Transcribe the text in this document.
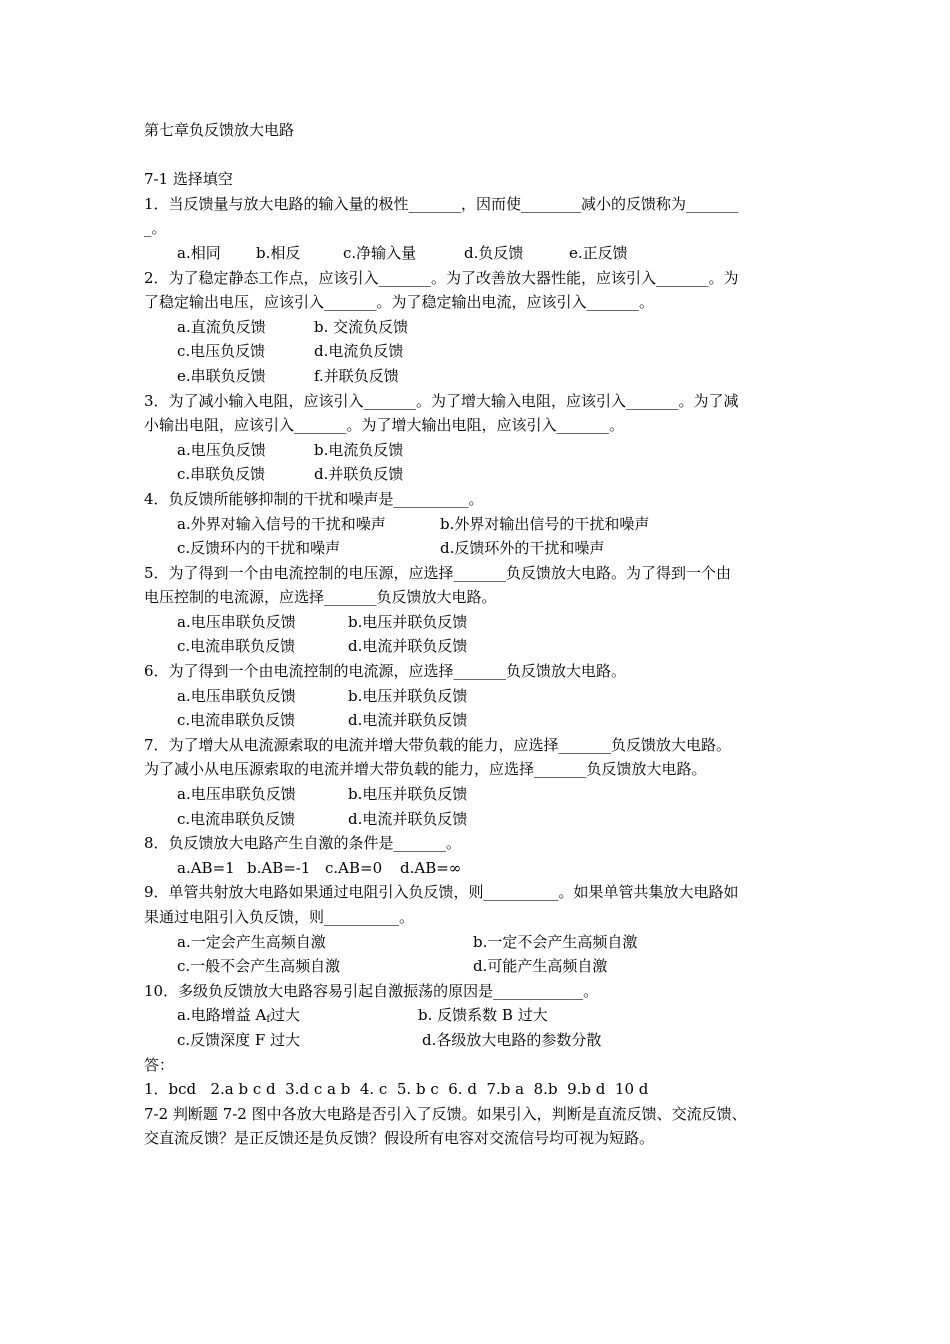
第七章负反馈放大电路
7-1 选择填空
1．当反馈量与放大电路的输入量的极性_______，因而使________减小的反馈称为_______
_。
a.相同 b.相反	c.净输入量	d.负反馈	e.正反馈
2．为了稳定静态工作点，应该引入_______。为了改善放大器性能，应该引入_______。为
了稳定输出电压，应该引入_______。为了稳定输出电流，应该引入_______。
a.直流负反馈	b. 交流负反馈
c.电压负反馈	d.电流负反馈
e.串联负反馈	f.并联负反馈
3．为了减小输入电阻，应该引入_______。为了增大输入电阻，应该引入_______。为了减
小输出电阻，应该引入_______。为了增大输出电阻，应该引入_______。
a.电压负反馈	b.电流负反馈
c.串联负反馈	d.并联负反馈
4．负反馈所能够抑制的干扰和噪声是__________。
a.外界对输入信号的干扰和噪声	b.外界对输出信号的干扰和噪声
c.反馈环内的干扰和噪声	d.反馈环外的干扰和噪声
5．为了得到一个由电流控制的电压源，应选择_______负反馈放大电路。为了得到一个由
电压控制的电流源，应选择_______负反馈放大电路。
a.电压串联负反馈	b.电压并联负反馈
c.电流串联负反馈	d.电流并联负反馈
6．为了得到一个由电流控制的电流源，应选择_______负反馈放大电路。
a.电压串联负反馈	b.电压并联负反馈
c.电流串联负反馈	d.电流并联负反馈
7．为了增大从电流源索取的电流并增大带负载的能力，应选择_______负反馈放大电路。
为了减小从电压源索取的电流并增大带负载的能力，应选择_______负反馈放大电路。
a.电压串联负反馈	b.电压并联负反馈
c.电流串联负反馈	d.电流并联负反馈
8．负反馈放大电路产生自激的条件是_______。
a.AB=1 b.AB=-1 c.AB=0 d.AB=∞
9．单管共射放大电路如果通过电阻引入负反馈，则__________。如果单管共集放大电路如
果通过电阻引入负反馈，则__________。
a.一定会产生高频自激	b.一定不会产生高频自激
c.一般不会产生高频自激	d.可能产生高频自激
10．多级负反馈放大电路容易引起自激振荡的原因是____________。
a.电路增益 $A_f$过大	b. 反馈系数 B 过大
c.反馈深度 F 过大	d.各级放大电路的参数分散
答：
1．bcd   2.a b c d  3.d c a b  4. c  5. b c  6. d  7.b a  8.b  9.b d  10 d
7-2 判断题 7-2 图中各放大电路是否引入了反馈。如果引入，判断是直流反馈、交流反馈、
交直流反馈？是正反馈还是负反馈？假设所有电容对交流信号均可视为短路。
